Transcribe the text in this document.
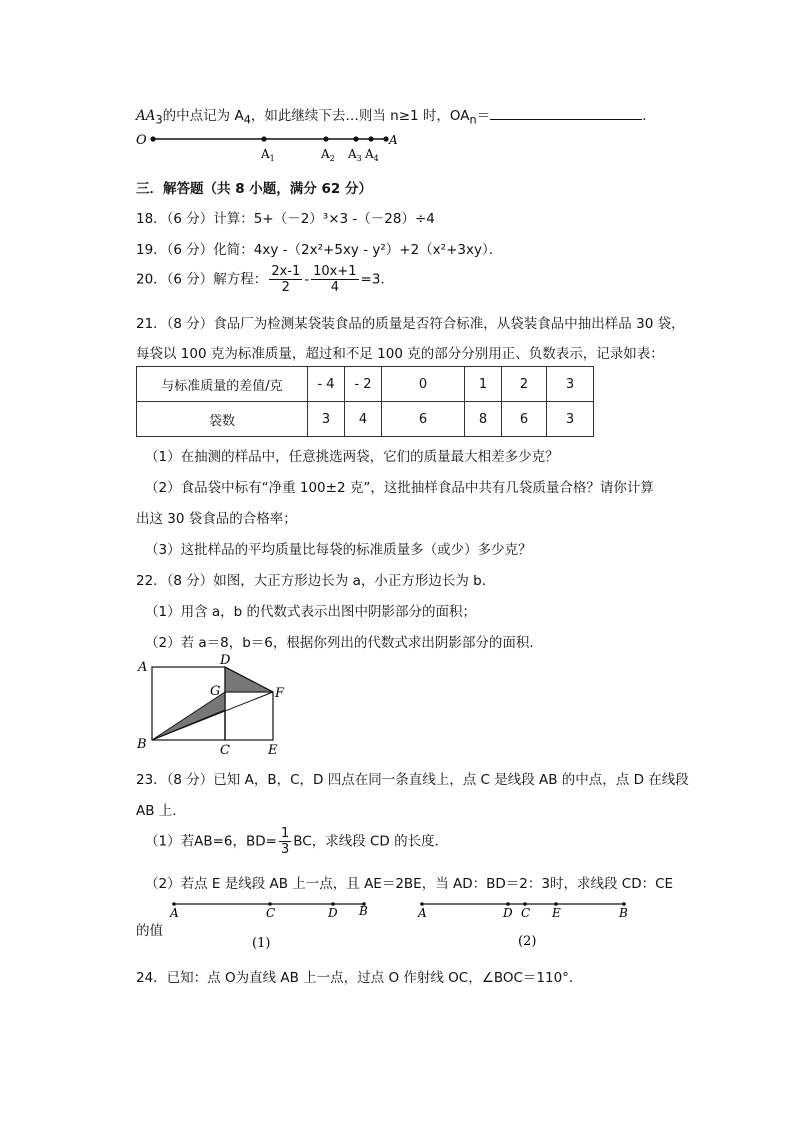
$AA_3$的中点记为 $A_4$，如此继续下去…则当 n≥1 时，$OA_n=$	．
O	A
$A_1$	$A_2$ $A_3$ $A_4$
三．解答题（共 8 小题，满分 62 分）
18．（6 分）计算：5+（－2）³×3 -（－28）÷4
19．（6 分）化简：4xy -（2x²+5xy - y²）+2（x²+3xy）．
20．（6 分）解方程： $\frac{2x-1}{2} - \frac{10x+1}{4} =3$.
21．（8 分）食品厂为检测某袋装食品的质量是否符合标准，从袋装食品中抽出样品 30 袋，
每袋以 100 克为标准质量，超过和不足 100 克的部分分别用正、负数表示，记录如表：
与标准质量的差值/克	- 4	- 2	0	1	2	3
袋数	3	4	6	8	6	3
（1）在抽测的样品中，任意挑选两袋，它们的质量最大相差多少克？
（2）食品袋中标有“净重 100±2 克”，这批抽样食品中共有几袋质量合格？请你计算
出这 30 袋食品的合格率；
（3）这批样品的平均质量比每袋的标准质量多（或少）多少克？
22．（8 分）如图，大正方形边长为 a，小正方形边长为 b．
（1）用含 a，b 的代数式表示出图中阴影部分的面积；
（2）若 a＝8，b＝6，根据你列出的代数式求出阴影部分的面积．
A
B	C
D
E
F
G
23．（8 分）已知 A，B，C，D 四点在同一条直线上，点 C 是线段 AB 的中点，点 D 在线段
AB 上．
（1）若AB=6，$BD= \frac{1}{3}$ BC，求线段 CD 的长度．
（2）若点 E 是线段 AB 上一点，且 AE＝2BE，当 AD：BD＝2：3时，求线段 CD：CE
A	C	D B
(1)
的值
A	D C E	B
(2)
24．已知：点 O为直线 AB 上一点，过点 O 作射线 OC，∠BOC＝110°．
